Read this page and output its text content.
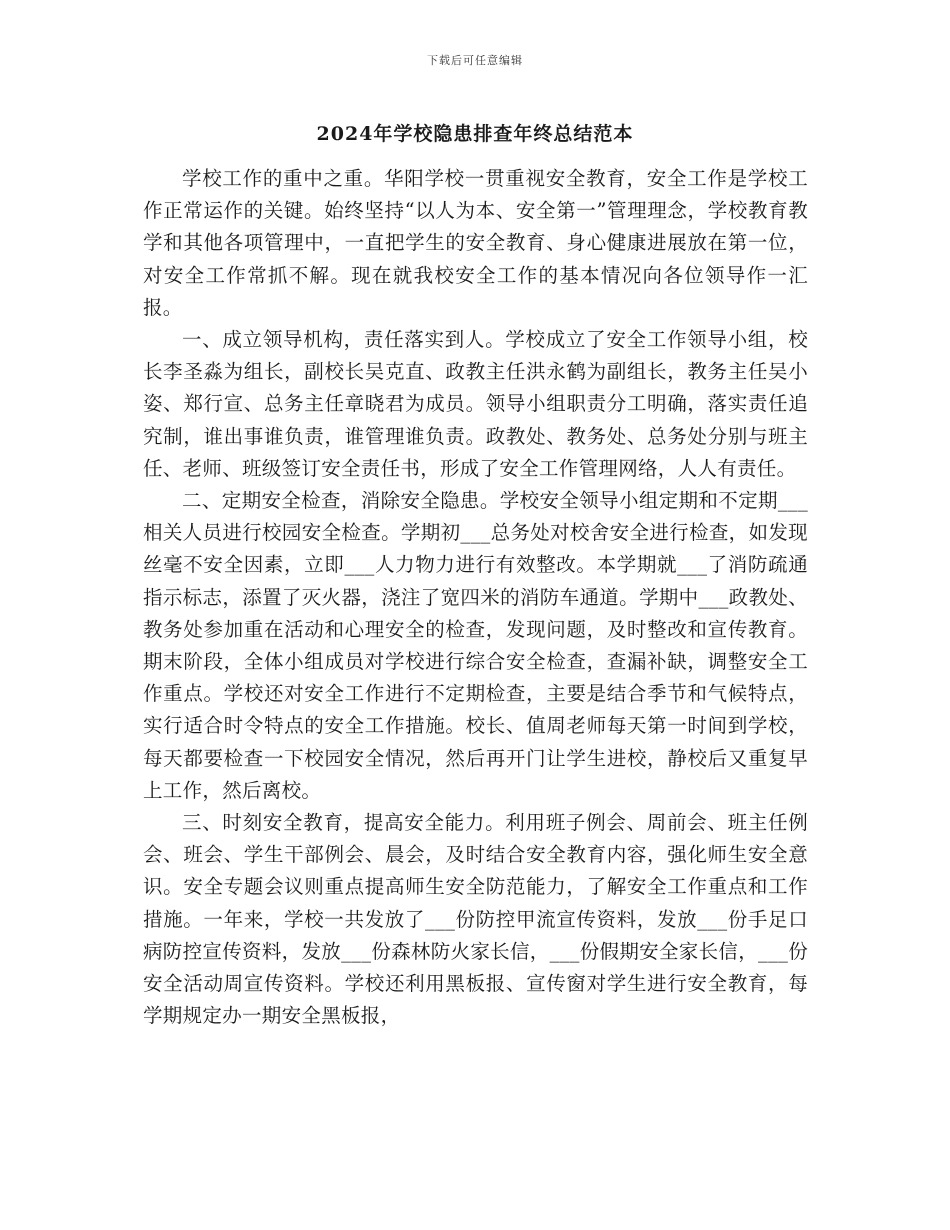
下载后可任意编辑
2024年学校隐患排查年终总结范本

学校工作的重中之重。华阳学校一贯重视安全教育，安全工作是学校工作正常运作的关键。始终坚持“以人为本、安全第一”管理理念，学校教育教学和其他各项管理中，一直把学生的安全教育、身心健康进展放在第一位，对安全工作常抓不解。现在就我校安全工作的基本情况向各位领导作一汇报。

一、成立领导机构，责任落实到人。学校成立了安全工作领导小组，校长李圣淼为组长，副校长吴克直、政教主任洪永鹤为副组长，教务主任吴小姿、郑行宣、总务主任章晓君为成员。领导小组职责分工明确，落实责任追究制，谁出事谁负责，谁管理谁负责。政教处、教务处、总务处分别与班主任、老师、班级签订安全责任书，形成了安全工作管理网络，人人有责任。

二、定期安全检查，消除安全隐患。学校安全领导小组定期和不定期___相关人员进行校园安全检查。学期初___总务处对校舍安全进行检查，如发现丝毫不安全因素，立即___人力物力进行有效整改。本学期就___了消防疏通指示标志，添置了灭火器，浇注了宽四米的消防车通道。学期中___政教处、教务处参加重在活动和心理安全的检查，发现问题，及时整改和宣传教育。期末阶段，全体小组成员对学校进行综合安全检查，查漏补缺，调整安全工作重点。学校还对安全工作进行不定期检查，主要是结合季节和气候特点，实行适合时令特点的安全工作措施。校长、值周老师每天第一时间到学校，每天都要检查一下校园安全情况，然后再开门让学生进校，静校后又重复早上工作，然后离校。

三、时刻安全教育，提高安全能力。利用班子例会、周前会、班主任例会、班会、学生干部例会、晨会，及时结合安全教育内容，强化师生安全意识。安全专题会议则重点提高师生安全防范能力，了解安全工作重点和工作措施。一年来，学校一共发放了___份防控甲流宣传资料，发放___份手足口病防控宣传资料，发放___份森林防火家长信，___份假期安全家长信，___份安全活动周宣传资料。学校还利用黑板报、宣传窗对学生进行安全教育，每学期规定办一期安全黑板报，
